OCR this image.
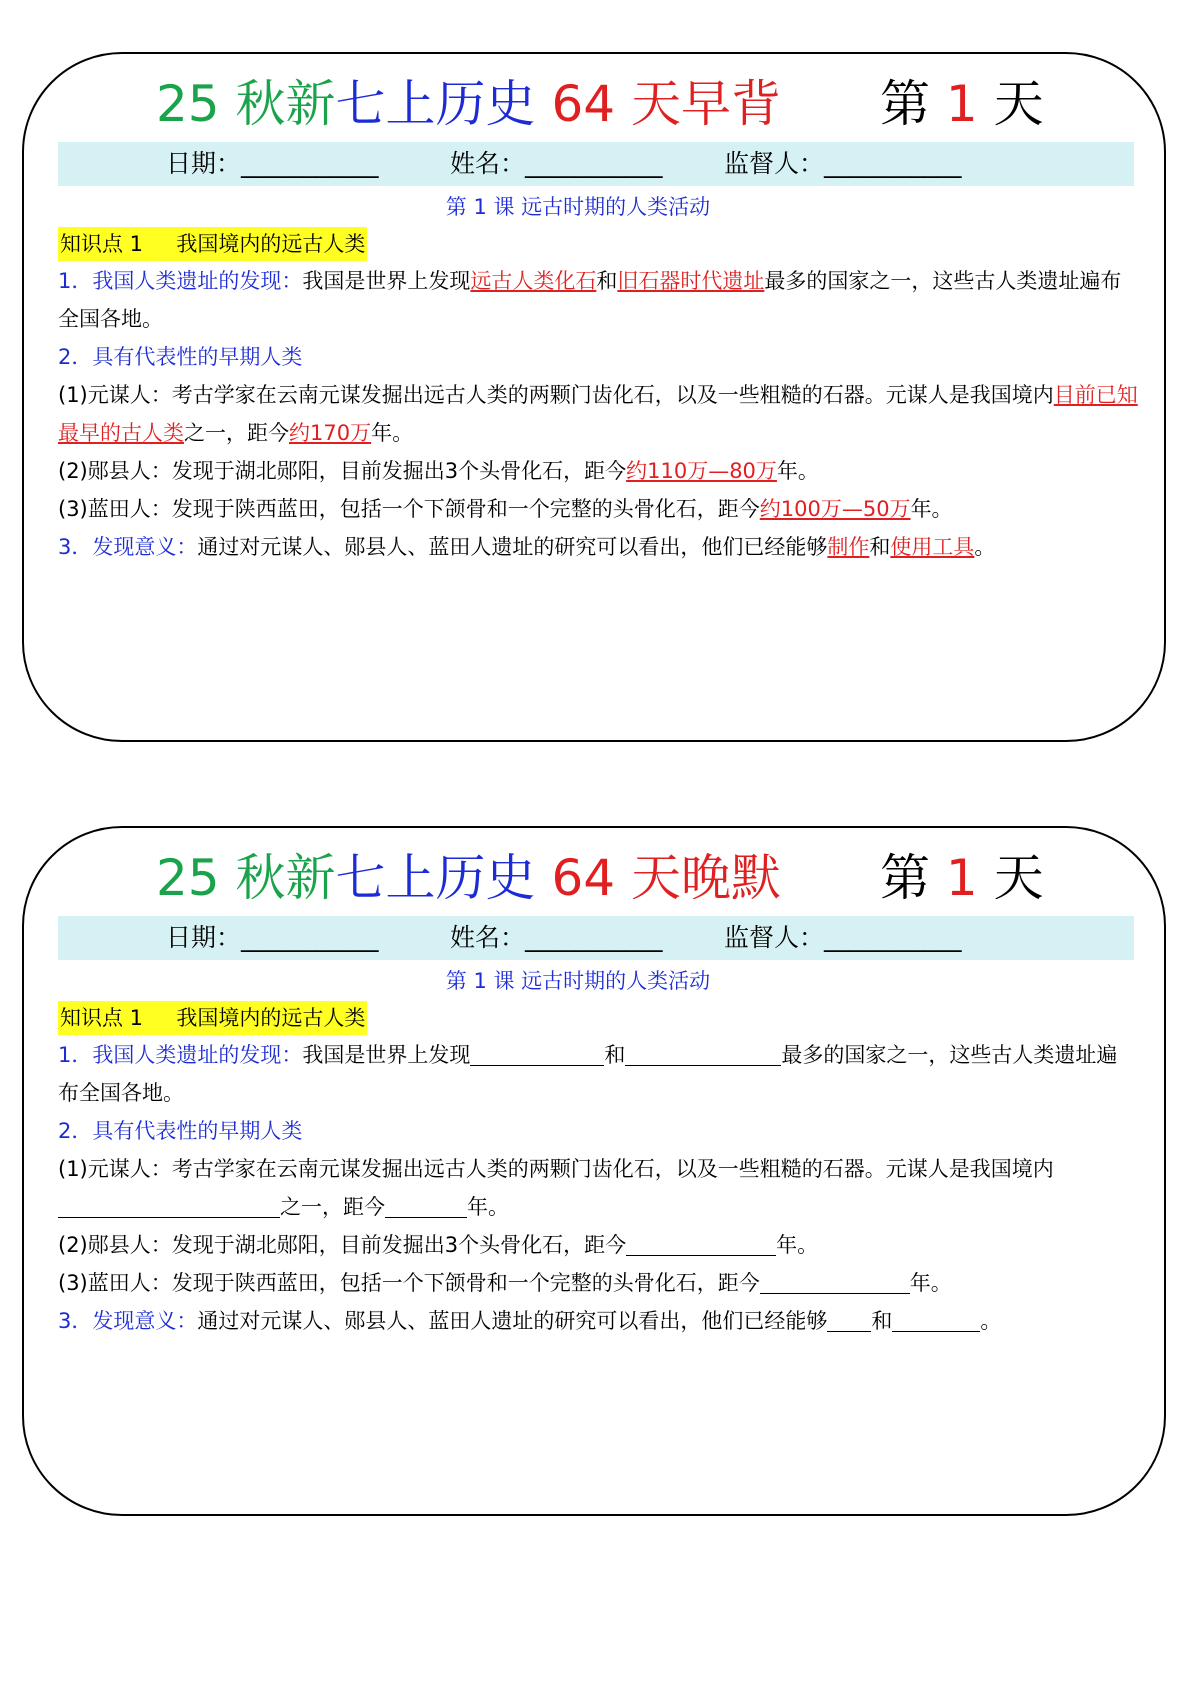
25 秋新七上历史 64 天早背 第 1 天
日期：___________	姓名：___________ 监督人：___________
第 1 课 远古时期的人类活动
知识点 1     我国境内的远古人类

1．我国人类遗址的发现：我国是世界上发现远古人类化石和旧石器时代遗址最多的国家之一，这些古人类遗址遍布全国各地。

2．具有代表性的早期人类

(1)元谋人：考古学家在云南元谋发掘出远古人类的两颗门齿化石，以及一些粗糙的石器。元谋人是我国境内目前已知最早的古人类之一，距今约170万年。

(2)郧县人：发现于湖北郧阳，目前发掘出3个头骨化石，距今约110万—80万年。

(3)蓝田人：发现于陕西蓝田，包括一个下颌骨和一个完整的头骨化石，距今约100万—50万年。

3．发现意义：通过对元谋人、郧县人、蓝田人遗址的研究可以看出，他们已经能够制作和使用工具。

25 秋新七上历史 64 天晚默 第 1 天
日期：___________	姓名：___________ 监督人：___________
第 1 课 远古时期的人类活动
知识点 1     我国境内的远古人类

1．我国人类遗址的发现：我国是世界上发现	和	最多的国家之一，这些古人类遗址遍布全国各地。

2．具有代表性的早期人类

(1)元谋人：考古学家在云南元谋发掘出远古人类的两颗门齿化石，以及一些粗糙的石器。元谋人是我国境内之一，距今	年。

(2)郧县人：发现于湖北郧阳，目前发掘出3个头骨化石，距今	年。

(3)蓝田人：发现于陕西蓝田，包括一个下颌骨和一个完整的头骨化石，距今	年。

3．发现意义：通过对元谋人、郧县人、蓝田人遗址的研究可以看出，他们已经能够 和	。
